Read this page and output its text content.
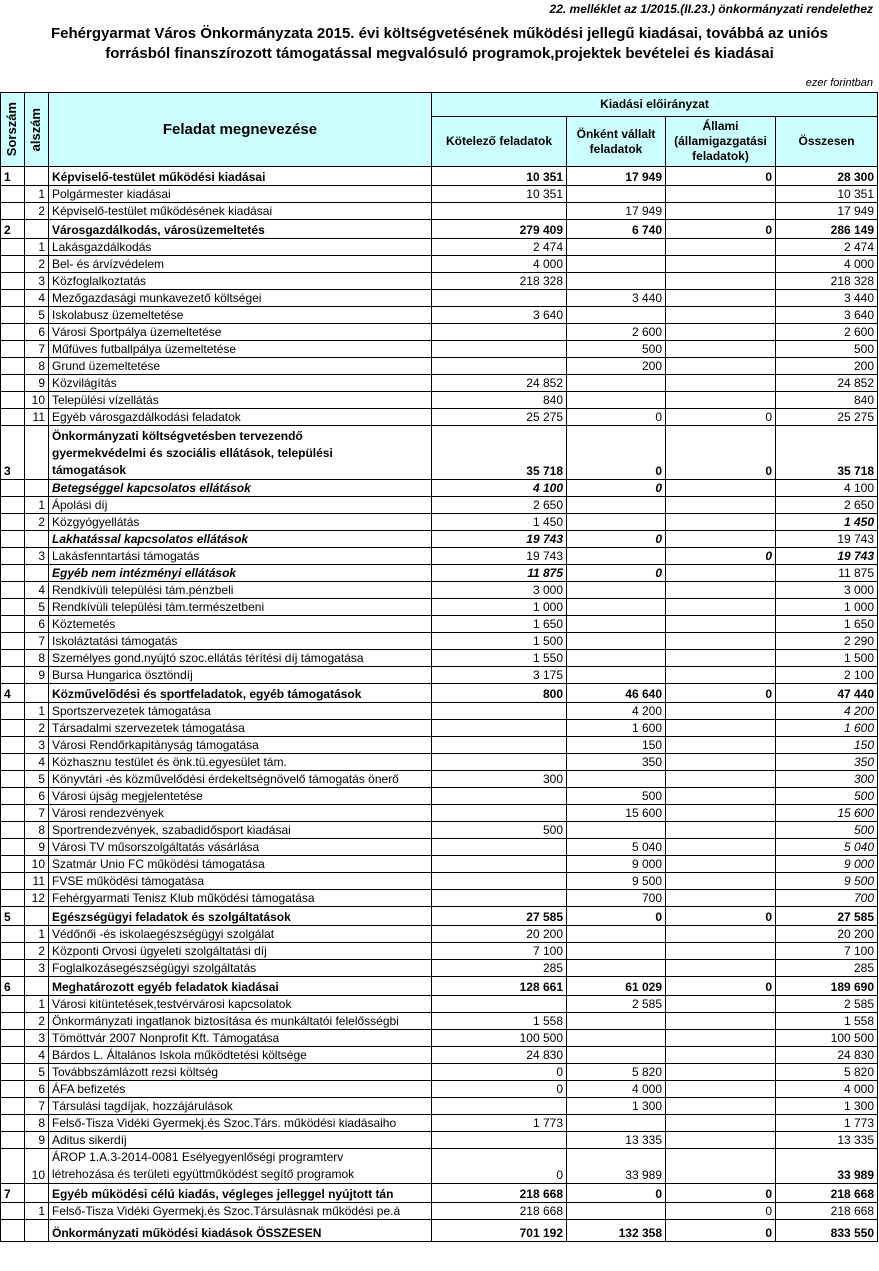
22. melléklet az 1/2015.(II.23.) önkormányzati rendelethez
Fehérgyarmat Város Önkormányzata 2015. évi költségvetésének működési jellegű kiadásai, továbbá az uniós
forrásból finanszírozott támogatással megvalósuló programok,projektek bevételei és kiadásai
ezer forintban
Sorszám	alszám	Feladat megnevezése	Kiadási előirányzat			
			Kötelező feladatok	Önként vállalt feladatok	Állami (államigazgatási feladatok)	Összesen
1		Képviselő-testület működési kiadásai	10 351	17 949	0	28 300
	1	Polgármester kiadásai	10 351			10 351
	2	Képviselő-testület működésének kiadásai		17 949		17 949
2		Városgazdálkodás, városüzemeltetés	279 409	6 740	0	286 149
	1	Lakásgazdálkodás	2 474			2 474
	2	Bel- és árvízvédelem	4 000			4 000
	3	Közfoglalkoztatás	218 328			218 328
	4	Mezőgazdasági munkavezető költségei		3 440		3 440
	5	Iskolabusz üzemeltetése	3 640			3 640
	6	Városi Sportpálya üzemeltetése		2 600		2 600
	7	Műfüves futballpálya üzemeltetése		500		500
	8	Grund üzemeltetése		200		200
	9	Közvilágítás	24 852			24 852
	10	Települési vízellátás	840			840
	11	Egyéb városgazdálkodási feladatok	25 275	0	0	25 275
3		Önkormányzati költségvetésben tervezendő
gyermekvédelmi és szociális ellátások, települési
támogatások	35 718	0	0	35 718
		Betegséggel kapcsolatos ellátások	4 100	0		4 100
	1	Ápolási díj	2 650			2 650
	2	Közgyógyellátás	1 450			1 450
		Lakhatással kapcsolatos ellátások	19 743	0		19 743
	3	Lakásfenntartási támogatás	19 743		0	19 743
		Egyéb nem intézményi ellátások	11 875	0		11 875
	4	Rendkívüli települési tám.pénzbeli	3 000			3 000
	5	Rendkívüli települési tám.természetbeni	1 000			1 000
	6	Köztemetés	1 650			1 650
	7	Iskoláztatási támogatás	1 500			2 290
	8	Személyes gond.nyújtó szoc.ellátás térítési díj támogatása	1 550			1 500
	9	Bursa Hungarica ösztöndíj	3 175			2 100
4		Közművelődési és sportfeladatok, egyéb támogatások	800	46 640	0	47 440
	1	Sportszervezetek támogatása		4 200		4 200
	2	Társadalmi szervezetek támogatása		1 600		1 600
	3	Városi Rendőrkapitányság támogatása		150		150
	4	Közhasznu testület és önk.tü.egyesület tám.		350		350
	5	Könyvtári -és közművelődési érdekeltségnövelő támogatás önerő	300			300
	6	Városi újság megjelentetése		500		500
	7	Városi rendezvények		15 600		15 600
	8	Sportrendezvények, szabadidősport kiadásai	500			500
	9	Városi TV műsorszolgáltatás vásárlása		5 040		5 040
	10	Szatmár Unio FC működési támogatása		9 000		9 000
	11	FVSE működési támogatása		9 500		9 500
	12	Fehérgyarmati Tenisz Klub működési támogatása		700		700
5		Egészségügyi feladatok és szolgáltatások	27 585	0	0	27 585
	1	Védőnői -és iskolaegészségügyi szolgálat	20 200			20 200
	2	Központi Orvosi ügyeleti szolgáltatási díj	7 100			7 100
	3	Foglalkozásegészségügyi szolgáltatás	285			285
6		Meghatározott egyéb feladatok kiadásai	128 661	61 029	0	189 690
	1	Városi kitüntetések,testvérvárosi kapcsolatok		2 585		2 585
	2	Önkormányzati ingatlanok biztosítása és munkáltatói felelősségbi	1 558			1 558
	3	Tömöttvár 2007 Nonprofit Kft. Támogatása	100 500			100 500
	4	Bárdos L. Általános Iskola működtetési költsége	24 830			24 830
	5	Továbbszámlázott rezsi költség	0	5 820		5 820
	6	ÁFA befizetés	0	4 000		4 000
	7	Társulási tagdíjak, hozzájárulások		1 300		1 300
	8	Felső-Tisza Vidéki Gyermekj.és Szoc.Társ. működési kiadásaiho	1 773			1 773
	9	Aditus sikerdíj		13 335		13 335
	10	ÁROP 1.A.3-2014-0081 Esélyegyenlőségi programterv
létrehozása és területi együttműködést segítő programok	0	33 989		33 989
7		Egyéb működési célú kiadás, végleges jelleggel nyújtott tán	218 668	0	0	218 668
	1	Felső-Tisza Vidéki Gyermekj.és Szoc.Társulásnak működési pe.á	218 668		0	218 668
		Önkormányzati működési kiadások ÖSSZESEN	701 192	132 358	0	833 550
